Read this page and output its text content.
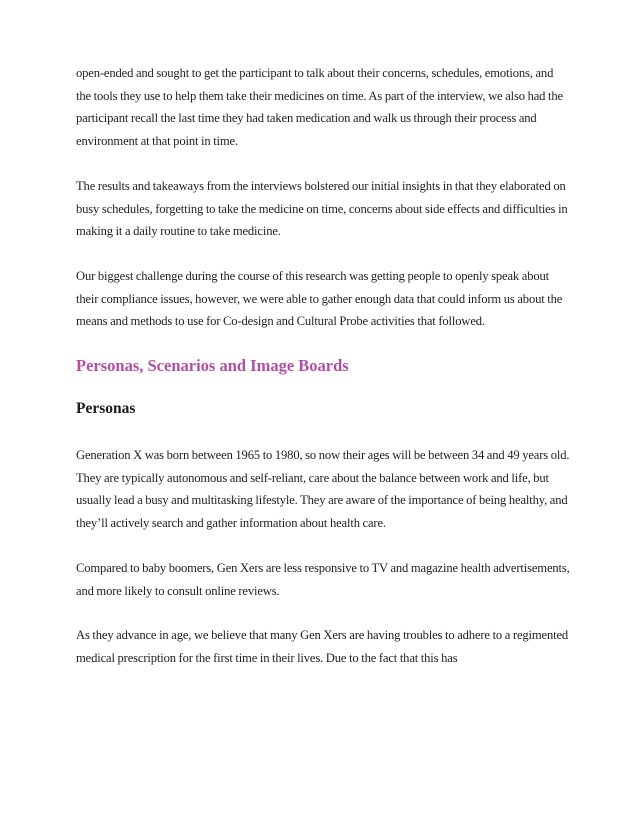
open-ended and sought to get the participant to talk about their concerns, schedules, emotions, and the tools they use to help them take their medicines on time. As part of the interview, we also had the participant recall the last time they had taken medication and walk us through their process and environment at that point in time.

The results and takeaways from the interviews bolstered our initial insights in that they elaborated on busy schedules, forgetting to take the medicine on time, concerns about side effects and difficulties in making it a daily routine to take medicine.

Our biggest challenge during the course of this research was getting people to openly speak about their compliance issues, however, we were able to gather enough data that could inform us about the means and methods to use for Co-design and Cultural Probe activities that followed.

Personas, Scenarios and Image Boards
Personas

Generation X was born between 1965 to 1980, so now their ages will be between 34 and 49 years old. They are typically autonomous and self-reliant, care about the balance between work and life, but usually lead a busy and multitasking lifestyle. They are aware of the importance of being healthy, and they’ll actively search and gather information about health care.

Compared to baby boomers, Gen Xers are less responsive to TV and magazine health advertisements, and more likely to consult online reviews.

As they advance in age, we believe that many Gen Xers are having troubles to adhere to a regimented medical prescription for the first time in their lives. Due to the fact that this has
